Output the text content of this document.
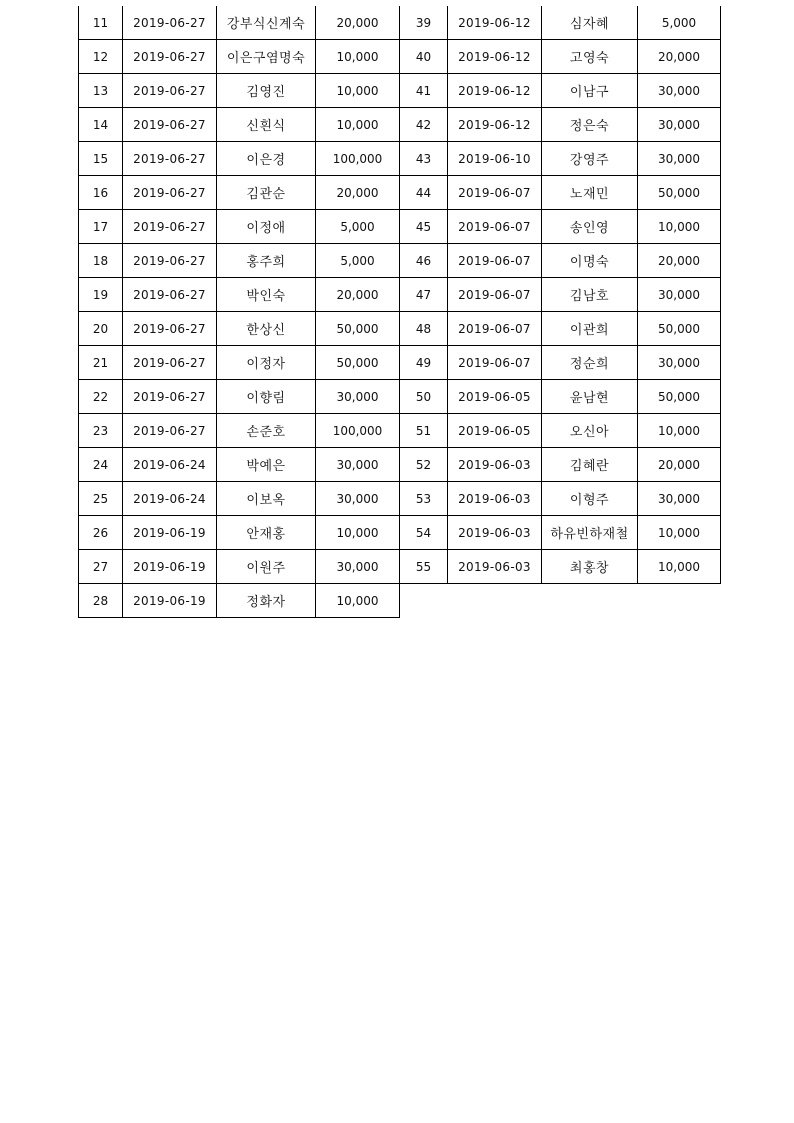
11	2019-06-27	강부식신계숙	20,000	39	2019-06-12	심자혜	5,000
12	2019-06-27	이은구염명숙	10,000	40	2019-06-12	고영숙	20,000
13	2019-06-27	김영진	10,000	41	2019-06-12	이남구	30,000
14	2019-06-27	신흰식	10,000	42	2019-06-12	정은숙	30,000
15	2019-06-27	이은경	100,000	43	2019-06-10	강영주	30,000
16	2019-06-27	김관순	20,000	44	2019-06-07	노재민	50,000
17	2019-06-27	이정애	5,000	45	2019-06-07	송인영	10,000
18	2019-06-27	홍주희	5,000	46	2019-06-07	이명숙	20,000
19	2019-06-27	박인숙	20,000	47	2019-06-07	김남호	30,000
20	2019-06-27	한상신	50,000	48	2019-06-07	이관희	50,000
21	2019-06-27	이정자	50,000	49	2019-06-07	정순희	30,000
22	2019-06-27	이향림	30,000	50	2019-06-05	윤남현	50,000
23	2019-06-27	손준호	100,000	51	2019-06-05	오신아	10,000
24	2019-06-24	박예은	30,000	52	2019-06-03	김혜란	20,000
25	2019-06-24	이보옥	30,000	53	2019-06-03	이형주	30,000
26	2019-06-19	안재홍	10,000	54	2019-06-03	하유빈하재철	10,000
27	2019-06-19	이원주	30,000	55	2019-06-03	최홍창	10,000
28	2019-06-19	정화자	10,000
